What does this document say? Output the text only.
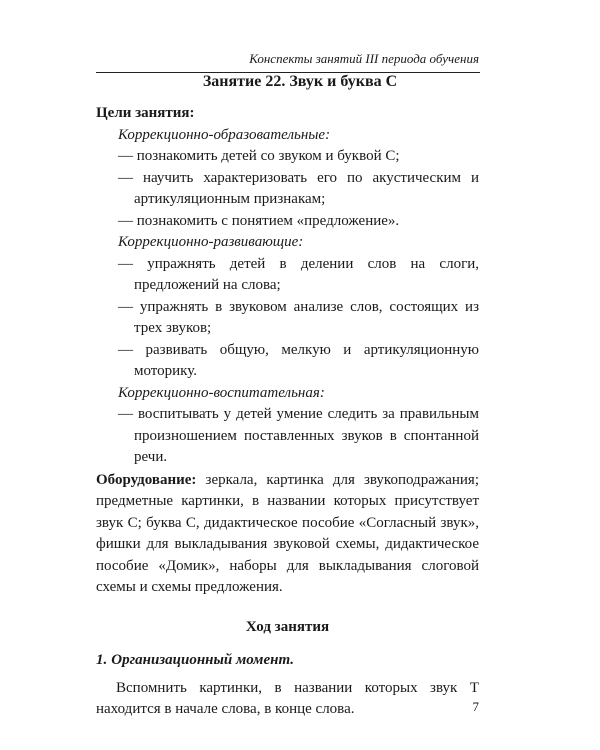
Конспекты занятий III периода обучения
Занятие 22. Звук и буква С

Цели занятия:

Коррекционно-образовательные:

— познакомить детей со звуком и буквой С;
— научить характеризовать его по акустическим и артикуляционным признакам;
— познакомить с понятием «предложение».

Коррекционно-развивающие:

— упражнять детей в делении слов на слоги, предложений на слова;
— упражнять в звуковом анализе слов, состоящих из трех звуков;
— развивать общую, мелкую и артикуляционную моторику.

Коррекционно-воспитательная:

— воспитывать у детей умение следить за правильным произношением поставленных звуков в спонтанной речи.

Оборудование: зеркала, картинка для звукоподражания; предметные картинки, в названии которых присутствует звук С; буква С, дидактическое пособие «Согласный звук», фишки для выкладывания звуковой схемы, дидактическое пособие «Домик», наборы для выкладывания слоговой схемы и схемы предложения.

Ход занятия

1. Организационный момент.

Вспомнить картинки, в названии которых звук Т находится в начале слова, в конце слова.	7
